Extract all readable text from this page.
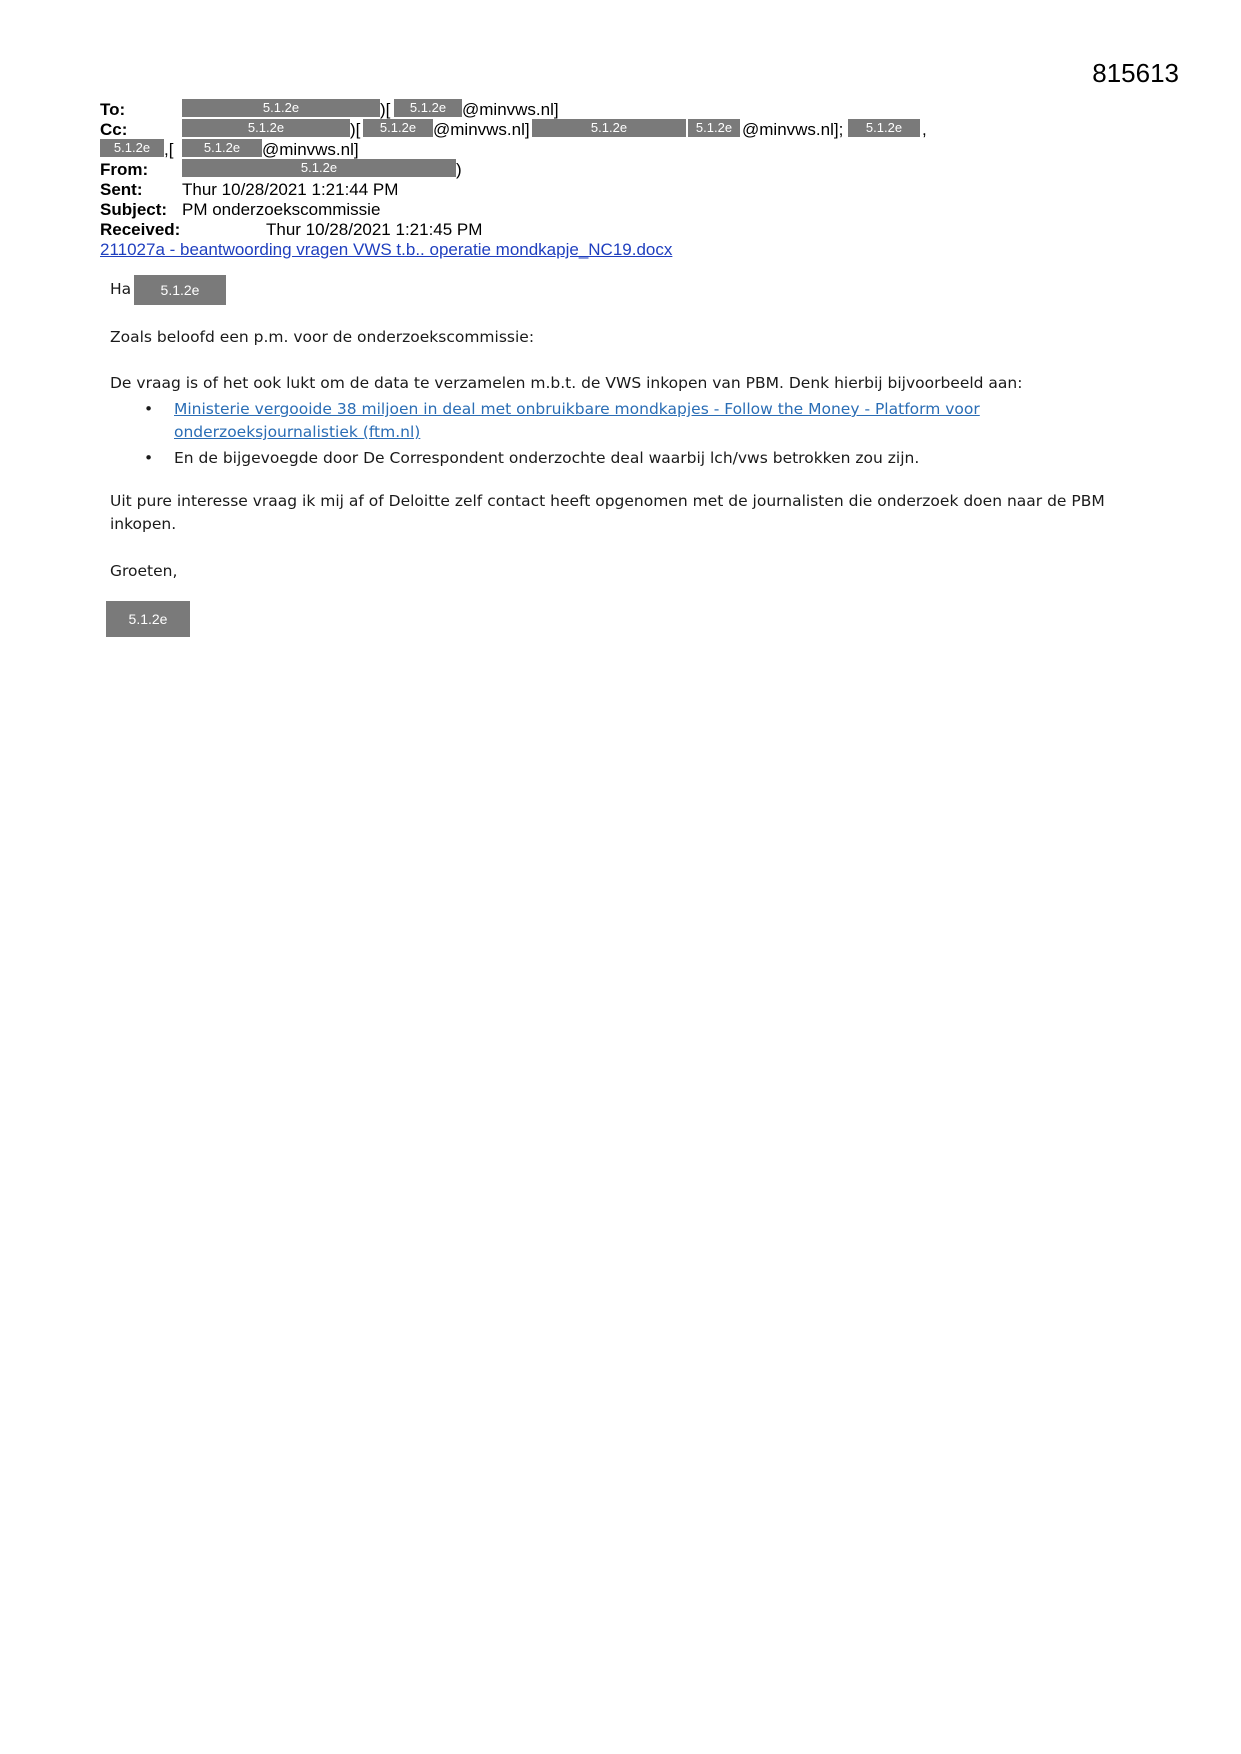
815613
To:	5.1.2e	)[	5.1.2e @minvws.nl]
Cc:	5.1.2e	)[	5.1.2e @minvws.nl]	5.1.2e	5.1.2e @minvws.nl];	5.1.2e	,
5.1.2e ,[	5.1.2e	@minvws.nl]
From:	5.1.2e	)
Sent: Thur 10/28/2021 1:21:44 PM
Subject: PM onderzoekscommissie
Received:	Thur 10/28/2021 1:21:45 PM
211027a - beantwoording vragen VWS t.b.. operatie mondkapje_NC19.docx
Ha	5.1.2e
Zoals beloofd een p.m. voor de onderzoekscommissie:
De vraag is of het ook lukt om de data te verzamelen m.b.t. de VWS inkopen van PBM. Denk hierbij bijvoorbeeld aan:
• Ministerie vergooide 38 miljoen in deal met onbruikbare mondkapjes - Follow the Money - Platform voor onderzoeksjournalistiek (ftm.nl)
• En de bijgevoegde door De Correspondent onderzochte deal waarbij lch/vws betrokken zou zijn.
Uit pure interesse vraag ik mij af of Deloitte zelf contact heeft opgenomen met de journalisten die onderzoek doen naar de PBM inkopen.
Groeten,
5.1.2e
